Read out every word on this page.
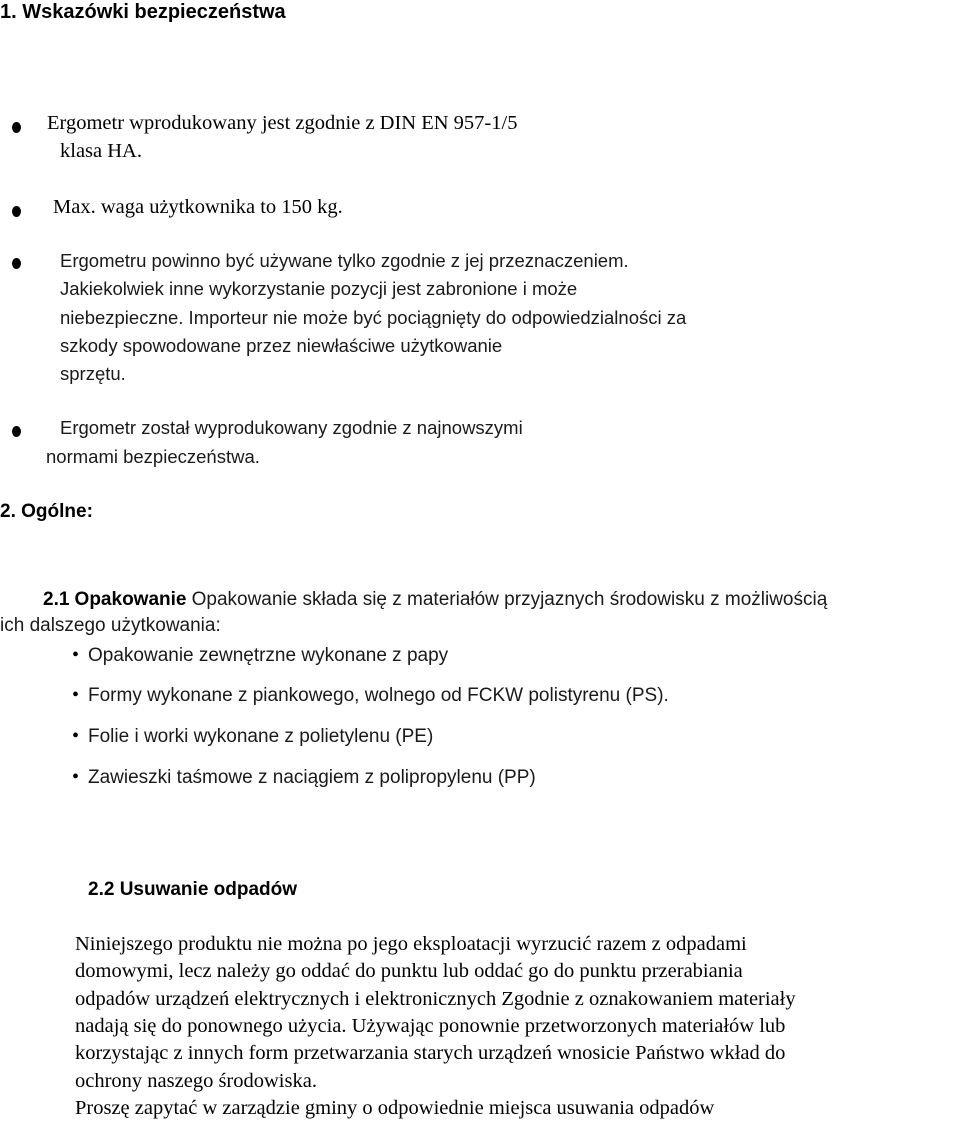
1. Wskazówki bezpieczeństwa
Ergometr wprodukowany jest zgodnie z DIN EN 957-1/5
klasa HA.
Max. waga użytkownika to 150 kg.
Ergometru powinno być używane tylko zgodnie z jej przeznaczeniem.
Jakiekolwiek inne wykorzystanie pozycji jest zabronione i może
niebezpieczne. Importeur nie może być pociągnięty do odpowiedzialności za
szkody spowodowane przez niewłaściwe użytkowanie
sprzętu.
Ergometr został wyprodukowany zgodnie z najnowszymi
normami bezpieczeństwa.
2. Ogólne:
2.1 Opakowanie Opakowanie składa się z materiałów przyjaznych środowisku z możliwością
ich dalszego użytkowania:
• Opakowanie zewnętrzne wykonane z papy
• Formy wykonane z piankowego, wolnego od FCKW polistyrenu (PS).
• Folie i worki wykonane z polietylenu (PE)
• Zawieszki taśmowe z naciągiem z polipropylenu (PP)
2.2 Usuwanie odpadów
Niniejszego produktu nie można po jego eksploatacji wyrzucić razem z odpadami
domowymi, lecz należy go oddać do punktu lub oddać go do punktu przerabiania
odpadów urządzeń elektrycznych i elektronicznych Zgodnie z oznakowaniem materiały
nadają się do ponownego użycia. Używając ponownie przetworzonych materiałów lub
korzystając z innych form przetwarzania starych urządzeń wnosicie Państwo wkład do
ochrony naszego środowiska.
Proszę zapytać w zarządzie gminy o odpowiednie miejsca usuwania odpadów
